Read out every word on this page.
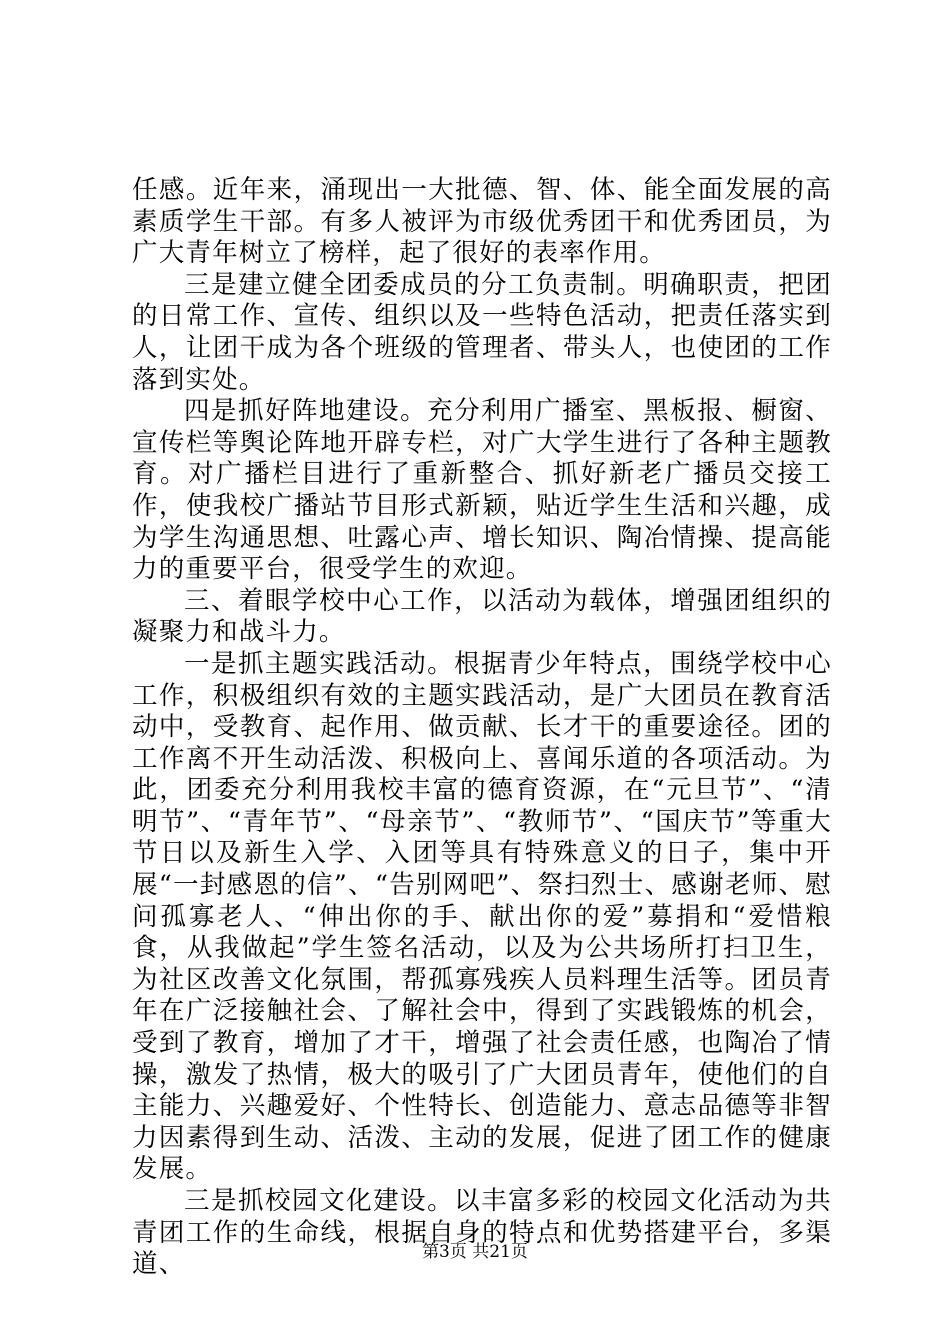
任感。近年来，涌现出一大批德、智、体、能全面发展的高素质学生干部。有多人被评为市级优秀团干和优秀团员，为广大青年树立了榜样，起了很好的表率作用。

三是建立健全团委成员的分工负责制。明确职责，把团的日常工作、宣传、组织以及一些特色活动，把责任落实到人，让团干成为各个班级的管理者、带头人，也使团的工作落到实处。

四是抓好阵地建设。充分利用广播室、黑板报、橱窗、宣传栏等舆论阵地开辟专栏，对广大学生进行了各种主题教育。对广播栏目进行了重新整合、抓好新老广播员交接工作，使我校广播站节目形式新颖，贴近学生生活和兴趣，成为学生沟通思想、吐露心声、增长知识、陶冶情操、提高能力的重要平台，很受学生的欢迎。

三、着眼学校中心工作，以活动为载体，增强团组织的凝聚力和战斗力。

一是抓主题实践活动。根据青少年特点，围绕学校中心工作，积极组织有效的主题实践活动，是广大团员在教育活动中，受教育、起作用、做贡献、长才干的重要途径。团的工作离不开生动活泼、积极向上、喜闻乐道的各项活动。为此，团委充分利用我校丰富的德育资源，在“元旦节”、“清明节”、“青年节”、“母亲节”、“教师节”、“国庆节”等重大节日以及新生入学、入团等具有特殊意义的日子，集中开展“一封感恩的信”、“告别网吧”、祭扫烈士、感谢老师、慰问孤寡老人、“伸出你的手、献出你的爱”募捐和“爱惜粮食，从我做起”学生签名活动，以及为公共场所打扫卫生，为社区改善文化氛围，帮孤寡残疾人员料理生活等。团员青年在广泛接触社会、了解社会中，得到了实践锻炼的机会，受到了教育，增加了才干，增强了社会责任感，也陶冶了情操，激发了热情，极大的吸引了广大团员青年，使他们的自主能力、兴趣爱好、个性特长、创造能力、意志品德等非智力因素得到生动、活泼、主动的发展，促进了团工作的健康发展。

三是抓校园文化建设。以丰富多彩的校园文化活动为共青团工作的生命线，根据自身的特点和优势搭建平台，多渠道、	第3页 共21页
